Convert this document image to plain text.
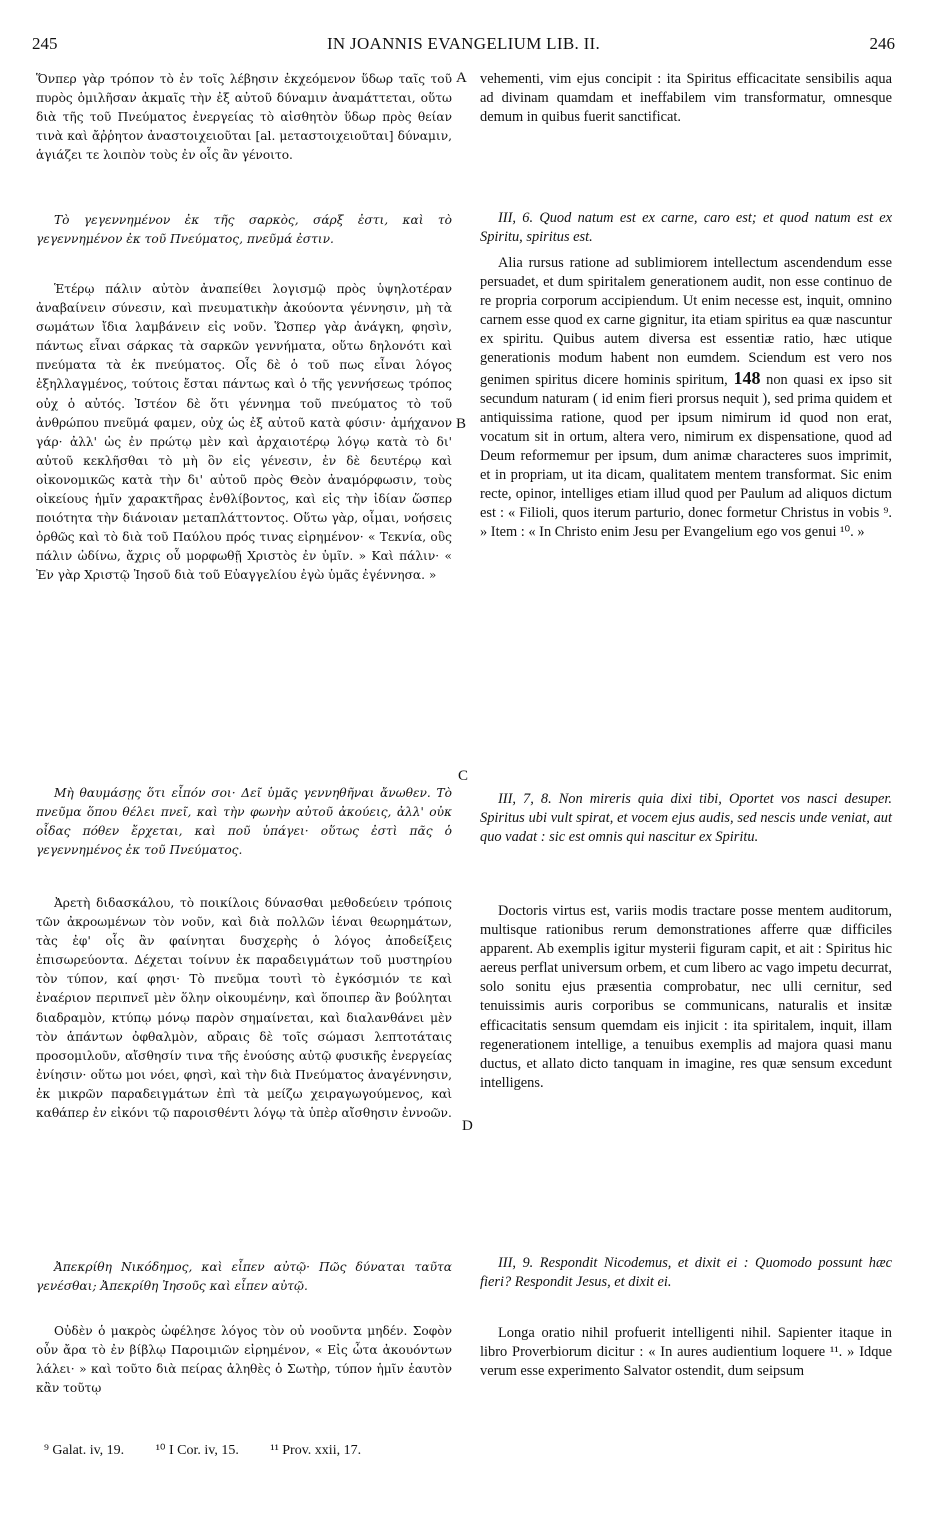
245	IN JOANNIS EVANGELIUM LIB. II.	246

Ὅνπερ γὰρ τρόπον τὸ ἐν τοῖς λέβησιν ἐκχεόμενον ὕδωρ ταῖς τοῦ πυρὸς ὁμιλῆσαν ἀκμαῖς τὴν ἐξ αὐτοῦ δύναμιν ἀναμάττεται, οὕτω διὰ τῆς τοῦ Πνεύματος ἐνεργείας τὸ αἰσθητὸν ὕδωρ πρὸς θείαν τινὰ καὶ ἄῤῥητον ἀναστοιχειοῦται [al. μεταστοιχειοῦται] δύναμιν, ἁγιάζει τε λοιπὸν τοὺς ἐν οἷς ἂν γένοιτο.

Τὸ γεγεννημένον ἐκ τῆς σαρκὸς, σάρξ ἐστι, καὶ τὸ γεγεννημένον ἐκ τοῦ Πνεύματος, πνεῦμά ἐστιν.

Ἑτέρῳ πάλιν αὐτὸν ἀναπείθει λογισμῷ πρὸς ὑψηλοτέραν ἀναβαίνειν σύνεσιν, καὶ πνευματικὴν ἀκούοντα γέννησιν, μὴ τὰ σωμάτων ἴδια λαμβάνειν εἰς νοῦν. Ὥσπερ γὰρ ἀνάγκη, φησὶν, πάντως εἶναι σάρκας τὰ σαρκῶν γεννήματα, οὕτω δηλονότι καὶ πνεύματα τὰ ἐκ πνεύματος. Οἷς δὲ ὁ τοῦ πως εἶναι λόγος ἐξηλλαγμένος, τούτοις ἔσται πάντως καὶ ὁ τῆς γεννήσεως τρόπος οὐχ ὁ αὐτός. Ἰστέον δὲ ὅτι γέννημα τοῦ πνεύματος τὸ τοῦ ἀνθρώπου πνεῦμά φαμεν, οὐχ ὡς ἐξ αὐτοῦ κατὰ φύσιν· ἀμήχανον γάρ· ἀλλ' ὡς ἐν πρώτῳ μὲν καὶ ἀρχαιοτέρῳ λόγῳ κατὰ τὸ δι' αὐτοῦ κεκλῆσθαι τὸ μὴ ὂν εἰς γένεσιν, ἐν δὲ δευτέρῳ καὶ οἰκονομικῶς κατὰ τὴν δι' αὐτοῦ πρὸς Θεὸν ἀναμόρφωσιν, τοὺς οἰκείους ἡμῖν χαρακτῆρας ἐνθλίβοντος, καὶ εἰς τὴν ἰδίαν ὥσπερ ποιότητα τὴν διάνοιαν μεταπλάττοντος. Οὕτω γὰρ, οἶμαι, νοήσεις ὀρθῶς καὶ τὸ διὰ τοῦ Παύλου πρός τινας εἰρημένον· « Τεκνία, οὓς πάλιν ὠδίνω, ἄχρις οὗ μορφωθῇ Χριστὸς ἐν ὑμῖν. » Καὶ πάλιν· « Ἐν γὰρ Χριστῷ Ἰησοῦ διὰ τοῦ Εὐαγγελίου ἐγὼ ὑμᾶς ἐγέννησα. »

Μὴ θαυμάσῃς ὅτι εἶπόν σοι· Δεῖ ὑμᾶς γεννηθῆναι ἄνωθεν. Τὸ πνεῦμα ὅπου θέλει πνεῖ, καὶ τὴν φωνὴν αὐτοῦ ἀκούεις, ἀλλ' οὐκ οἶδας πόθεν ἔρχεται, καὶ ποῦ ὑπάγει· οὕτως ἐστὶ πᾶς ὁ γεγεννημένος ἐκ τοῦ Πνεύματος.

Ἀρετὴ διδασκάλου, τὸ ποικίλοις δύνασθαι μεθοδεύειν τρόποις τῶν ἀκροωμένων τὸν νοῦν, καὶ διὰ πολλῶν ἰέναι θεωρημάτων, τὰς ἐφ' οἷς ἂν φαίνηται δυσχερὴς ὁ λόγος ἀποδείξεις ἐπισωρεύοντα. Δέχεται τοίνυν ἐκ παραδειγμάτων τοῦ μυστηρίου τὸν τύπον, καί φησι· Τὸ πνεῦμα τουτὶ τὸ ἐγκόσμιόν τε καὶ ἐναέριον περιπνεῖ μὲν ὅλην οἰκουμένην, καὶ ὅποιπερ ἂν βούληται διαδραμὸν, κτύπῳ μόνῳ παρὸν σημαίνεται, καὶ διαλανθάνει μὲν τὸν ἁπάντων ὀφθαλμὸν, αὔραις δὲ τοῖς σώμασι λεπτοτάταις προσομιλοῦν, αἴσθησίν τινα τῆς ἑνούσης αὐτῷ φυσικῆς ἐνεργείας ἐνίησιν· οὕτω μοι νόει, φησὶ, καὶ τὴν διὰ Πνεύματος ἀναγέννησιν, ἐκ μικρῶν παραδειγμάτων ἐπὶ τὰ μείζω χειραγωγούμενος, καὶ καθάπερ ἐν εἰκόνι τῷ παροισθέντι λόγῳ τὰ ὑπὲρ αἴσθησιν ἐννοῶν.

Ἀπεκρίθη Νικόδημος, καὶ εἶπεν αὐτῷ· Πῶς δύναται ταῦτα γενέσθαι; Ἀπεκρίθη Ἰησοῦς καὶ εἶπεν αὐτῷ.

Οὐδὲν ὁ μακρὸς ὠφέλησε λόγος τὸν οὐ νοοῦντα μηδέν. Σοφὸν οὖν ἄρα τὸ ἐν βίβλῳ Παροιμιῶν εἰρημένον, « Εἰς ὦτα ἀκουόντων λάλει· » καὶ τοῦτο διὰ πείρας ἀληθὲς ὁ Σωτὴρ, τύπον ἡμῖν ἑαυτὸν κἂν τοῦτῳ

A
B
C
D

vehementi, vim ejus concipit : ita Spiritus efficacitate sensibilis aqua ad divinam quamdam et ineffabilem vim transformatur, omnesque demum in quibus fuerit sanctificat.

III, 6. Quod natum est ex carne, caro est; et quod natum est ex Spiritu, spiritus est.

Alia rursus ratione ad sublimiorem intellectum ascendendum esse persuadet, et dum spiritalem generationem audit, non esse continuo de re propria corporum accipiendum. Ut enim necesse est, inquit, omnino carnem esse quod ex carne gignitur, ita etiam spiritus ea quæ nascuntur ex spiritu. Quibus autem diversa est essentiæ ratio, hæc utique generationis modum habent non eumdem. Sciendum est vero nos genimen spiritus dicere hominis spiritum, 148 non quasi ex ipso sit secundum naturam ( id enim fieri prorsus nequit ), sed prima quidem et antiquissima ratione, quod per ipsum nimirum id quod non erat, vocatum sit in ortum, altera vero, nimirum ex dispensatione, quod ad Deum reformemur per ipsum, dum animæ characteres suos imprimit, et in propriam, ut ita dicam, qualitatem mentem transformat. Sic enim recte, opinor, intelliges etiam illud quod per Paulum ad aliquos dictum est : « Filioli, quos iterum parturio, donec formetur Christus in vobis ⁹. » Item : « In Christo enim Jesu per Evangelium ego vos genui ¹⁰. »

III, 7, 8. Non mireris quia dixi tibi, Oportet vos nasci desuper. Spiritus ubi vult spirat, et vocem ejus audis, sed nescis unde veniat, aut quo vadat : sic est omnis qui nascitur ex Spiritu.

Doctoris virtus est, variis modis tractare posse mentem auditorum, multisque rationibus rerum demonstrationes afferre quæ difficiles apparent. Ab exemplis igitur mysterii figuram capit, et ait : Spiritus hic aereus perflat universum orbem, et cum libero ac vago impetu decurrat, solo sonitu ejus præsentia comprobatur, nec ulli cernitur, sed tenuissimis auris corporibus se communicans, naturalis et insitæ efficacitatis sensum quemdam eis injicit : ita spiritalem, inquit, illam regenerationem intellige, a tenuibus exemplis ad majora quasi manu ductus, et allato dicto tanquam in imagine, res quæ sensum excedunt intelligens.

III, 9. Respondit Nicodemus, et dixit ei : Quomodo possunt hæc fieri? Respondit Jesus, et dixit ei.

Longa oratio nihil profuerit intelligenti nihil. Sapienter itaque in libro Proverbiorum dicitur : « In aures audientium loquere ¹¹. » Idque verum esse experimento Salvator ostendit, dum seipsum

⁹ Galat. iv, 19. ¹⁰ I Cor. iv, 15. ¹¹ Prov. xxii, 17.
